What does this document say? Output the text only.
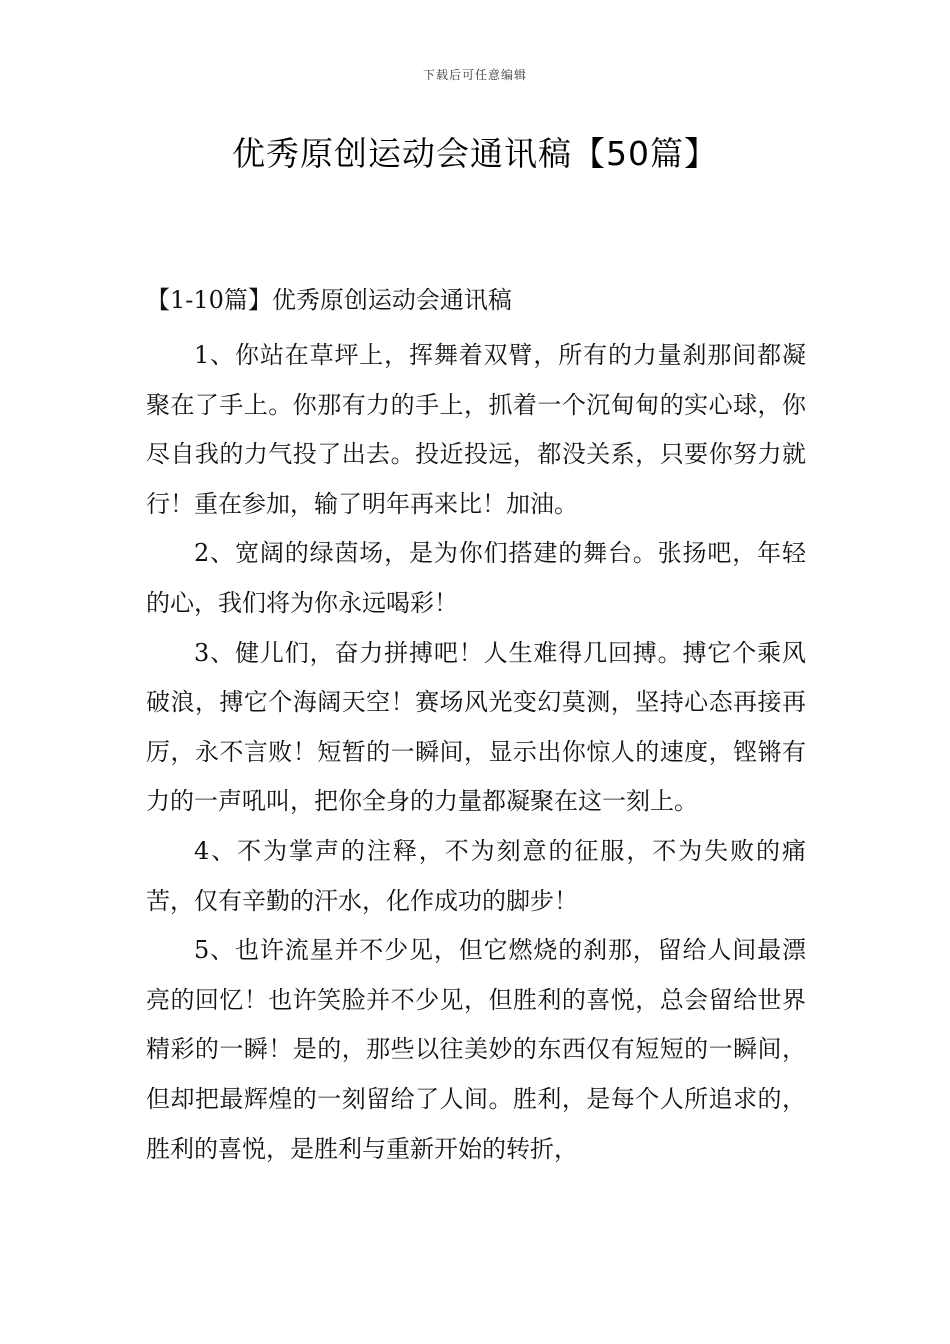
下载后可任意编辑
优秀原创运动会通讯稿【50篇】
【1-10篇】优秀原创运动会通讯稿

1、你站在草坪上，挥舞着双臂，所有的力量刹那间都凝聚在了手上。你那有力的手上，抓着一个沉甸甸的实心球，你尽自我的力气投了出去。投近投远，都没关系，只要你努力就行！重在参加，输了明年再来比！加油。

2、宽阔的绿茵场，是为你们搭建的舞台。张扬吧，年轻的心，我们将为你永远喝彩！

3、健儿们，奋力拼搏吧！人生难得几回搏。搏它个乘风破浪，搏它个海阔天空！赛场风光变幻莫测，坚持心态再接再厉，永不言败！短暂的一瞬间，显示出你惊人的速度，铿锵有力的一声吼叫，把你全身的力量都凝聚在这一刻上。

4、不为掌声的注释，不为刻意的征服，不为失败的痛苦，仅有辛勤的汗水，化作成功的脚步！

5、也许流星并不少见，但它燃烧的刹那，留给人间最漂亮的回忆！也许笑脸并不少见，但胜利的喜悦，总会留给世界精彩的一瞬！是的，那些以往美妙的东西仅有短短的一瞬间，但却把最辉煌的一刻留给了人间。胜利，是每个人所追求的，胜利的喜悦，是胜利与重新开始的转折，
